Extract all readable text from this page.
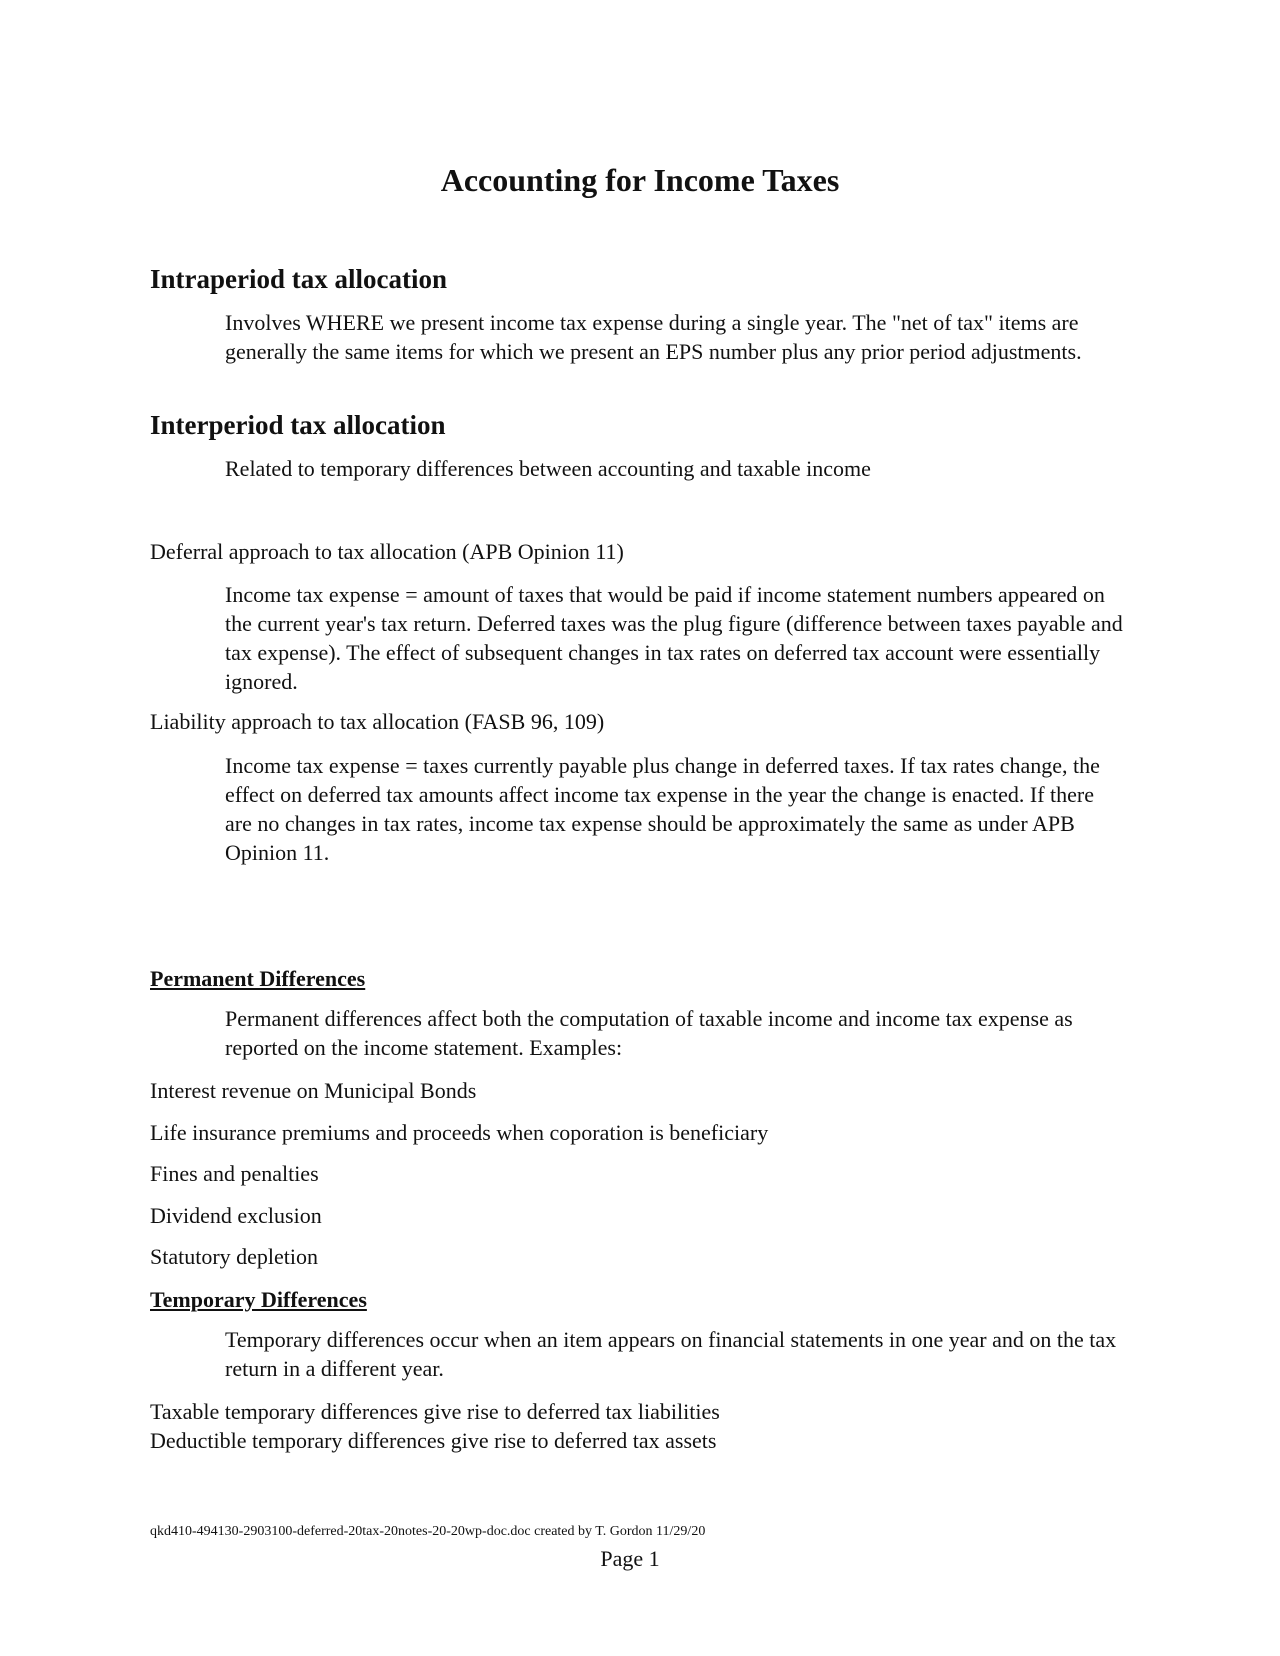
Accounting for Income Taxes
Intraperiod tax allocation

Involves WHERE we present income tax expense during a single year. The "net of tax" items are generally the same items for which we present an EPS number plus any prior period adjustments.

Interperiod tax allocation

Related to temporary differences between accounting and taxable income

Deferral approach to tax allocation (APB Opinion 11)

Income tax expense = amount of taxes that would be paid if income statement numbers appeared on the current year's tax return. Deferred taxes was the plug figure (difference between taxes payable and tax expense). The effect of subsequent changes in tax rates on deferred tax account were essentially ignored.

Liability approach to tax allocation (FASB 96, 109)

Income tax expense = taxes currently payable plus change in deferred taxes. If tax rates change, the effect on deferred tax amounts affect income tax expense in the year the change is enacted. If there are no changes in tax rates, income tax expense should be approximately the same as under APB Opinion 11.

Permanent Differences

Permanent differences affect both the computation of taxable income and income tax expense as reported on the income statement. Examples:

Interest revenue on Municipal Bonds

Life insurance premiums and proceeds when coporation is beneficiary

Fines and penalties

Dividend exclusion

Statutory depletion

Temporary Differences

Temporary differences occur when an item appears on financial statements in one year and on the tax return in a different year.

Taxable temporary differences give rise to deferred tax liabilities

Deductible temporary differences give rise to deferred tax assets

qkd410-494130-2903100-deferred-20tax-20notes-20-20wp-doc.doc created by T. Gordon 11/29/20

Page 1
